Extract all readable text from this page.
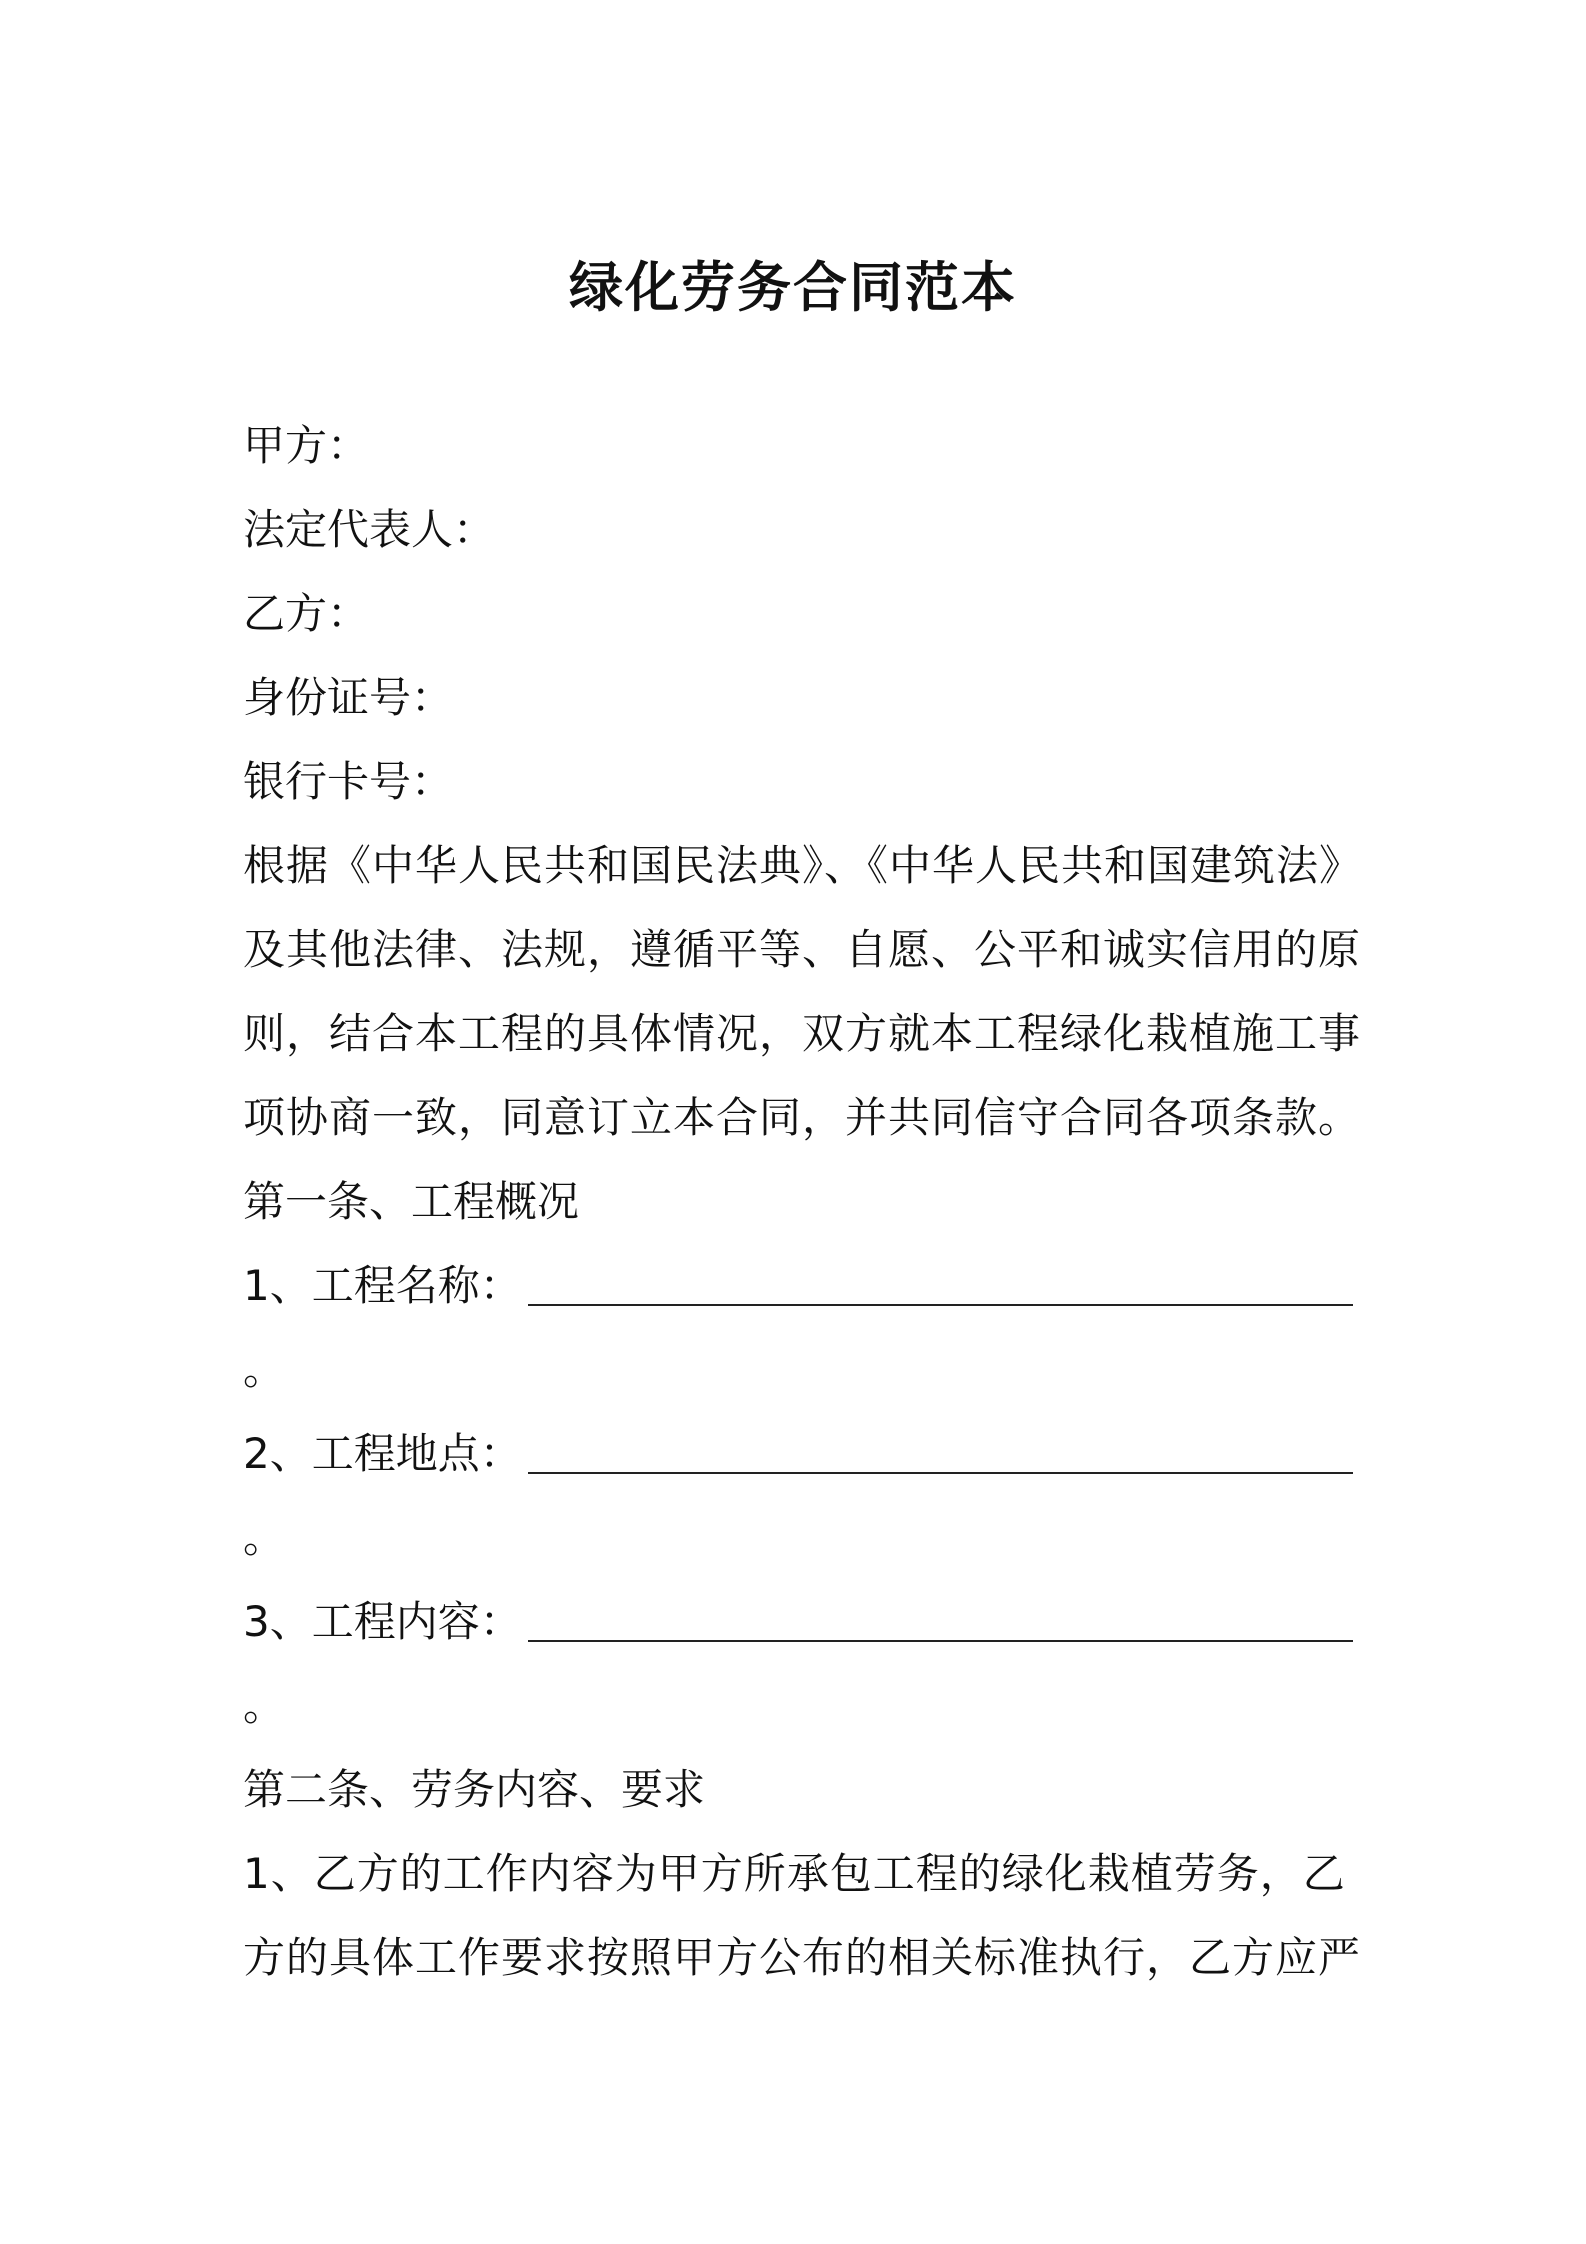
绿化劳务合同范本
甲方：
法定代表人：
乙方：
身份证号：
银行卡号：
根据《中华人民共和国民法典》、《中华人民共和国建筑法》
及其他法律、法规，遵循平等、自愿、公平和诚实信用的原
则，结合本工程的具体情况，双方就本工程绿化栽植施工事
项协商一致，同意订立本合同，并共同信守合同各项条款。
第一条、工程概况
1、工程名称：
。
2、工程地点：
。
3、工程内容：
。
第二条、劳务内容、要求
1、乙方的工作内容为甲方所承包工程的绿化栽植劳务，乙
方的具体工作要求按照甲方公布的相关标准执行，乙方应严
